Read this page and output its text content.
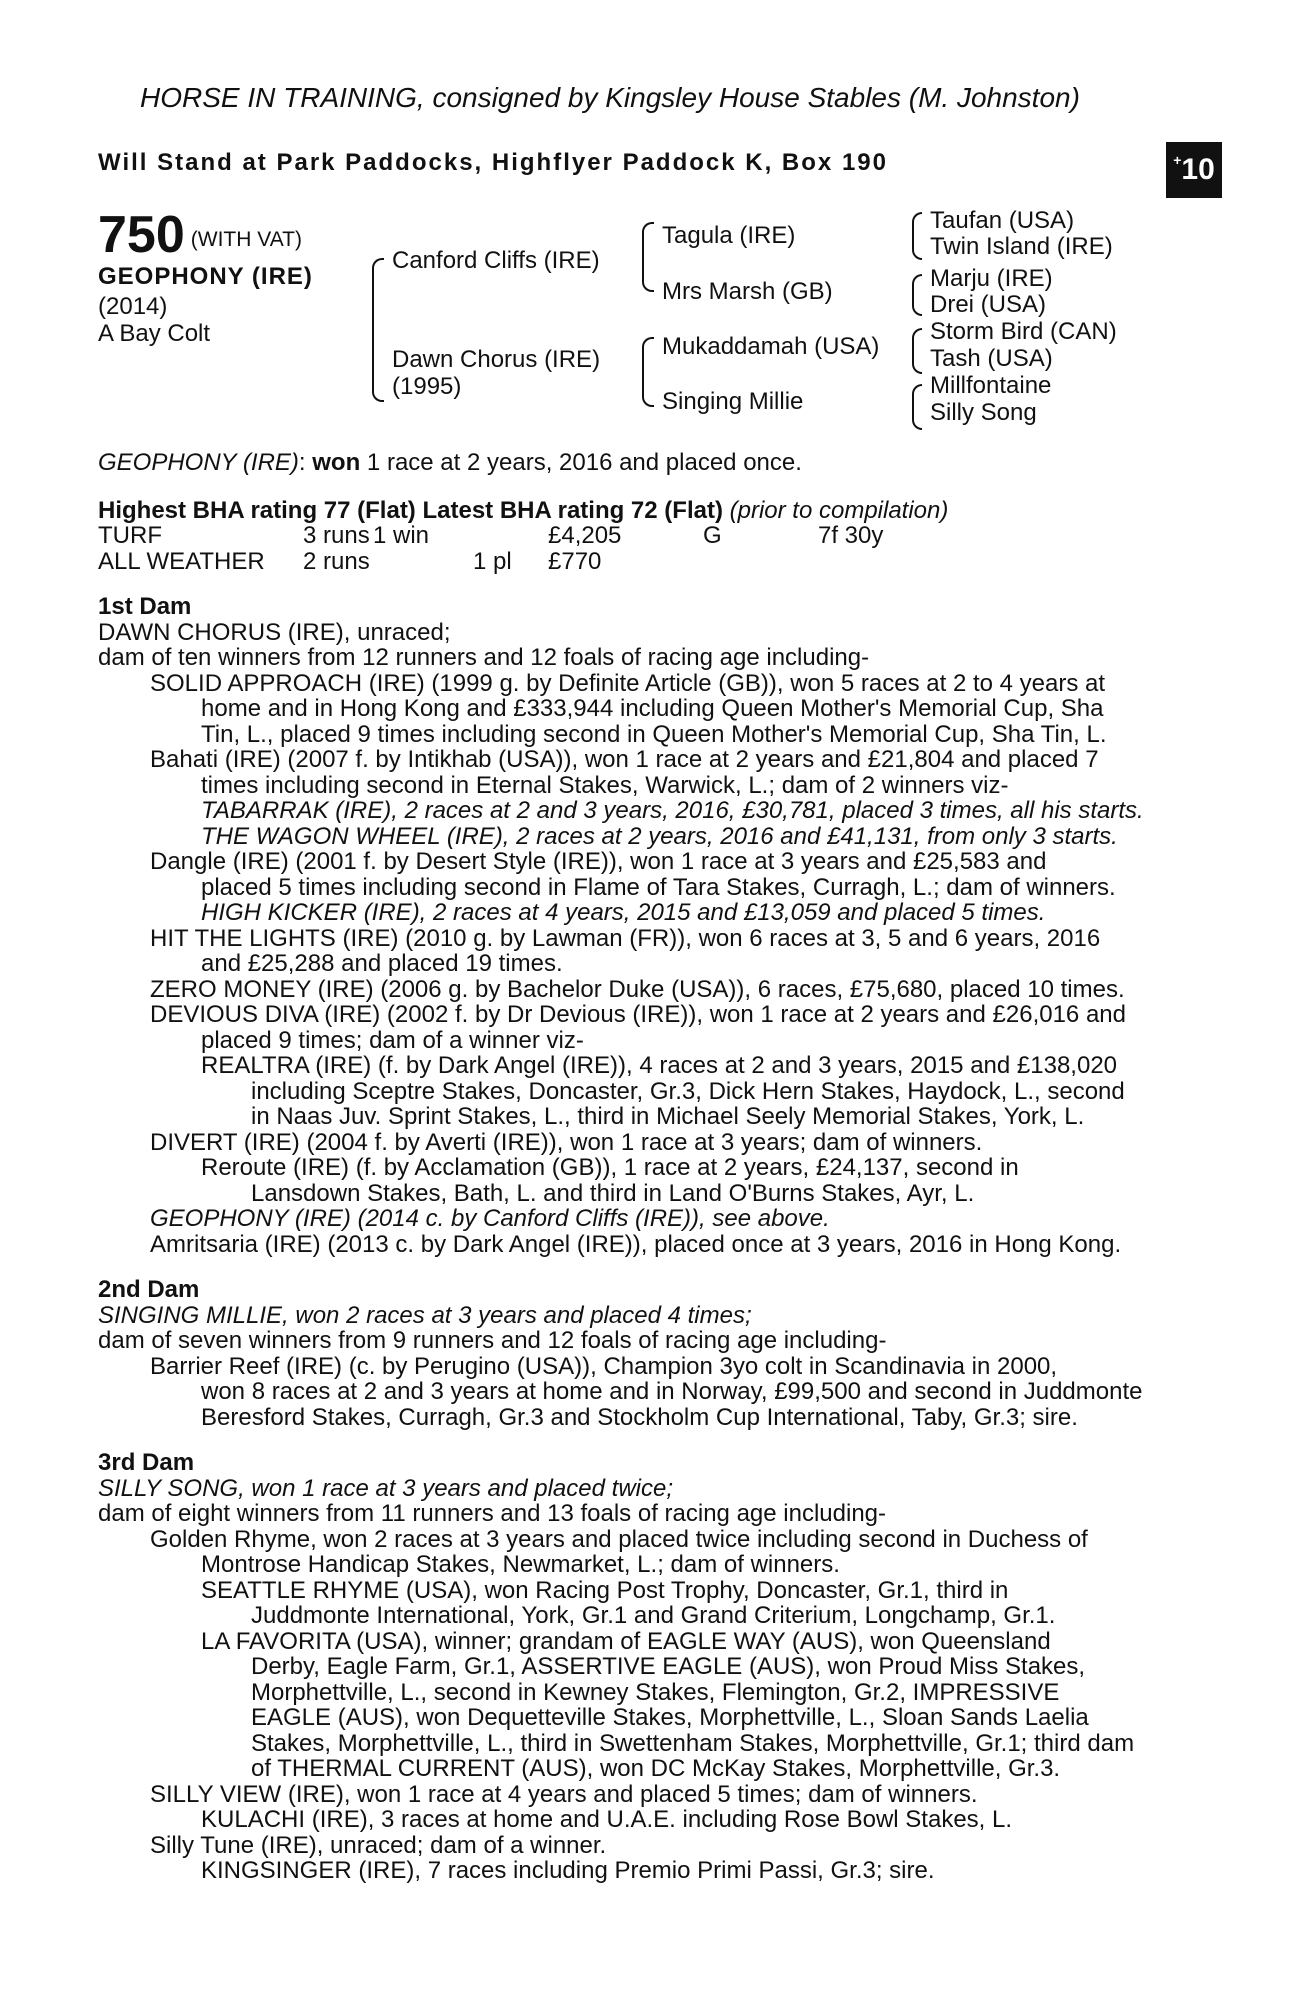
HORSE IN TRAINING, consigned by Kingsley House Stables (M. Johnston)
Will Stand at Park Paddocks, Highflyer Paddock K, Box 190	+ 10
750 (WITH VAT)
GEOPHONY (IRE)
(2014)
A Bay Colt
Canford Cliffs (IRE)
Dawn Chorus (IRE)
(1995)
Tagula (IRE)
Mrs Marsh (GB)
Mukaddamah (USA)
Singing Millie
Taufan (USA)
Twin Island (IRE)
Marju (IRE)
Drei (USA)
Storm Bird (CAN)
Tash (USA)
Millfontaine
Silly Song
GEOPHONY (IRE): won 1 race at 2 years, 2016 and placed once.
Highest BHA rating 77 (Flat) Latest BHA rating 72 (Flat) (prior to compilation)
TURF	3 runs 1 win	£4,205	G	7f 30y
ALL WEATHER 2 runs	1 pl £770
1st Dam
DAWN CHORUS (IRE), unraced;
dam of ten winners from 12 runners and 12 foals of racing age including-
SOLID APPROACH (IRE) (1999 g. by Definite Article (GB)), won 5 races at 2 to 4 years at
home and in Hong Kong and £333,944 including Queen Mother's Memorial Cup, Sha
Tin, L., placed 9 times including second in Queen Mother's Memorial Cup, Sha Tin, L.
Bahati (IRE) (2007 f. by Intikhab (USA)), won 1 race at 2 years and £21,804 and placed 7
times including second in Eternal Stakes, Warwick, L.; dam of 2 winners viz-
TABARRAK (IRE), 2 races at 2 and 3 years, 2016, £30,781, placed 3 times, all his starts.
THE WAGON WHEEL (IRE), 2 races at 2 years, 2016 and £41,131, from only 3 starts.
Dangle (IRE) (2001 f. by Desert Style (IRE)), won 1 race at 3 years and £25,583 and
placed 5 times including second in Flame of Tara Stakes, Curragh, L.; dam of winners.
HIGH KICKER (IRE), 2 races at 4 years, 2015 and £13,059 and placed 5 times.
HIT THE LIGHTS (IRE) (2010 g. by Lawman (FR)), won 6 races at 3, 5 and 6 years, 2016
and £25,288 and placed 19 times.
ZERO MONEY (IRE) (2006 g. by Bachelor Duke (USA)), 6 races, £75,680, placed 10 times.
DEVIOUS DIVA (IRE) (2002 f. by Dr Devious (IRE)), won 1 race at 2 years and £26,016 and
placed 9 times; dam of a winner viz-
REALTRA (IRE) (f. by Dark Angel (IRE)), 4 races at 2 and 3 years, 2015 and £138,020
including Sceptre Stakes, Doncaster, Gr.3, Dick Hern Stakes, Haydock, L., second
in Naas Juv. Sprint Stakes, L., third in Michael Seely Memorial Stakes, York, L.
DIVERT (IRE) (2004 f. by Averti (IRE)), won 1 race at 3 years; dam of winners.
Reroute (IRE) (f. by Acclamation (GB)), 1 race at 2 years, £24,137, second in
Lansdown Stakes, Bath, L. and third in Land O'Burns Stakes, Ayr, L.
GEOPHONY (IRE) (2014 c. by Canford Cliffs (IRE)), see above.
Amritsaria (IRE) (2013 c. by Dark Angel (IRE)), placed once at 3 years, 2016 in Hong Kong.
2nd Dam
SINGING MILLIE, won 2 races at 3 years and placed 4 times;
dam of seven winners from 9 runners and 12 foals of racing age including-
Barrier Reef (IRE) (c. by Perugino (USA)), Champion 3yo colt in Scandinavia in 2000,
won 8 races at 2 and 3 years at home and in Norway, £99,500 and second in Juddmonte
Beresford Stakes, Curragh, Gr.3 and Stockholm Cup International, Taby, Gr.3; sire.
3rd Dam
SILLY SONG, won 1 race at 3 years and placed twice;
dam of eight winners from 11 runners and 13 foals of racing age including-
Golden Rhyme, won 2 races at 3 years and placed twice including second in Duchess of
Montrose Handicap Stakes, Newmarket, L.; dam of winners.
SEATTLE RHYME (USA), won Racing Post Trophy, Doncaster, Gr.1, third in
Juddmonte International, York, Gr.1 and Grand Criterium, Longchamp, Gr.1.
LA FAVORITA (USA), winner; grandam of EAGLE WAY (AUS), won Queensland
Derby, Eagle Farm, Gr.1, ASSERTIVE EAGLE (AUS), won Proud Miss Stakes,
Morphettville, L., second in Kewney Stakes, Flemington, Gr.2, IMPRESSIVE
EAGLE (AUS), won Dequetteville Stakes, Morphettville, L., Sloan Sands Laelia
Stakes, Morphettville, L., third in Swettenham Stakes, Morphettville, Gr.1; third dam
of THERMAL CURRENT (AUS), won DC McKay Stakes, Morphettville, Gr.3.
SILLY VIEW (IRE), won 1 race at 4 years and placed 5 times; dam of winners.
KULACHI (IRE), 3 races at home and U.A.E. including Rose Bowl Stakes, L.
Silly Tune (IRE), unraced; dam of a winner.
KINGSINGER (IRE), 7 races including Premio Primi Passi, Gr.3; sire.
